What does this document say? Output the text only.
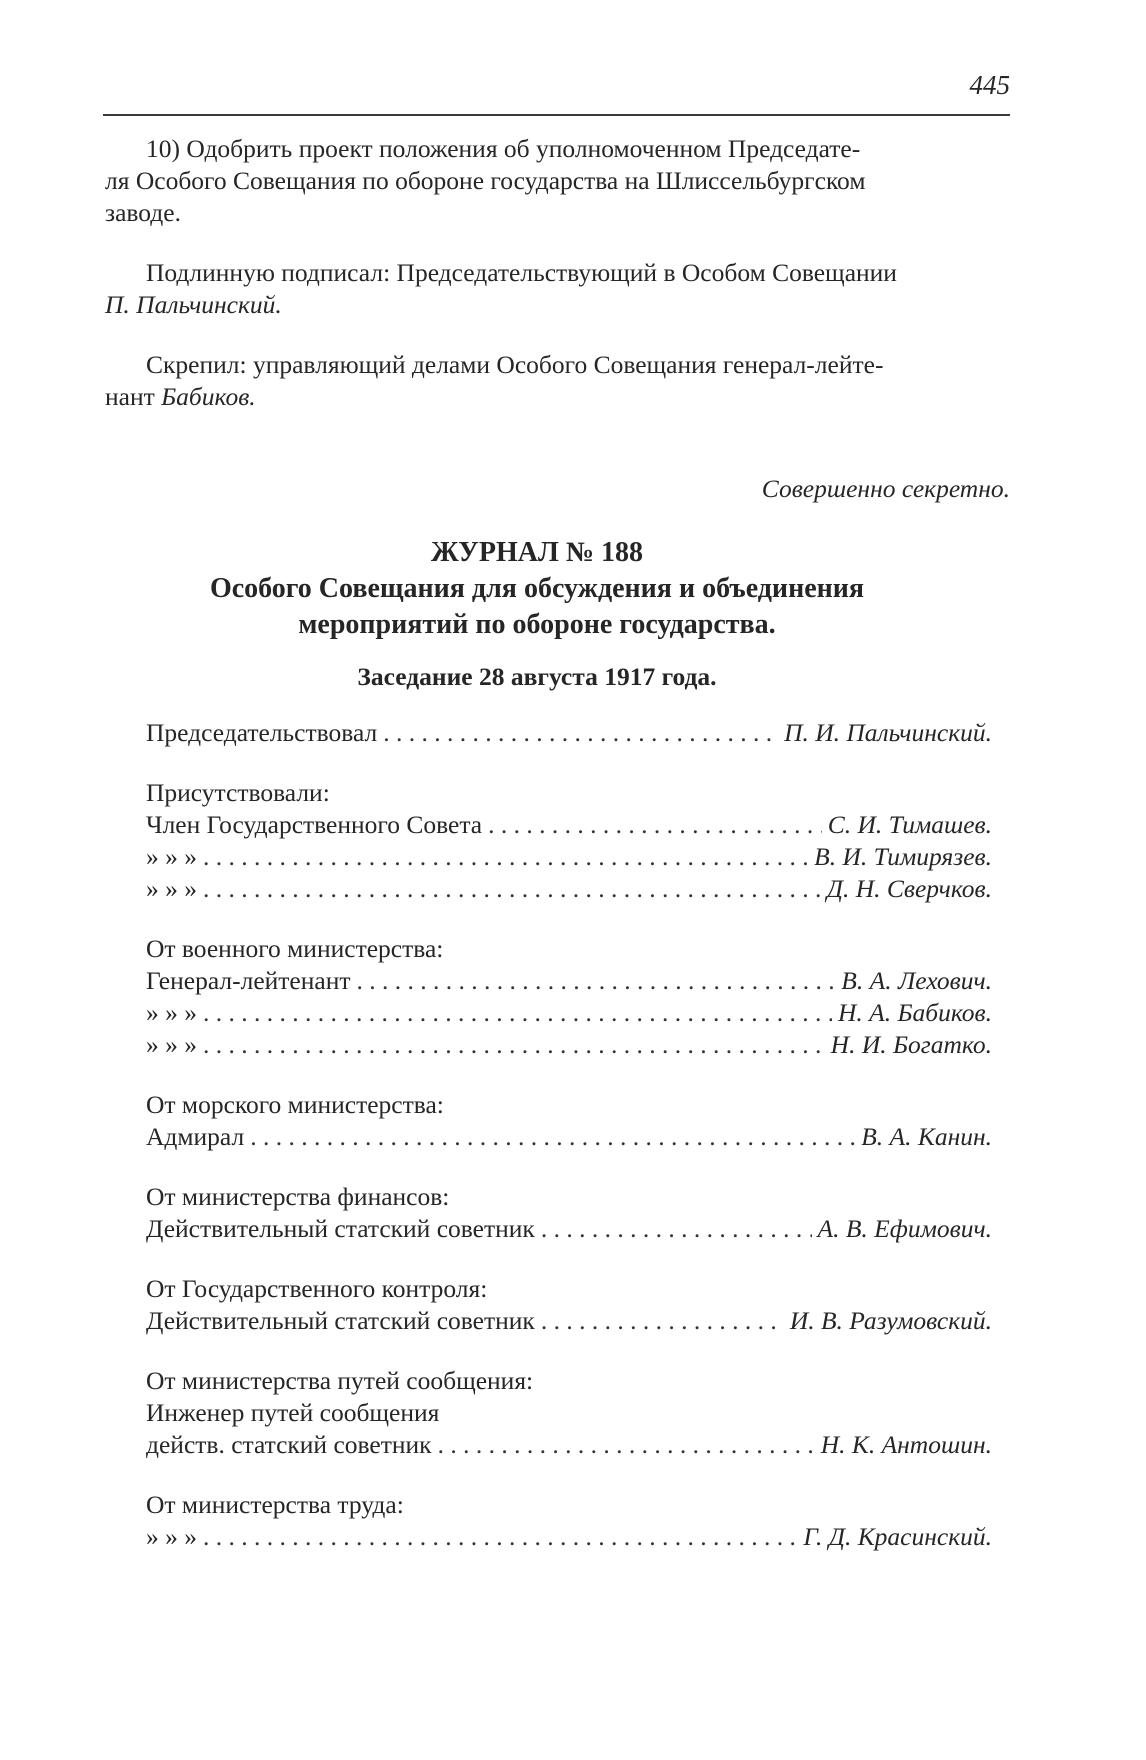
445
10) Одобрить проект положения об уполномоченном Председате-
ля Особого Совещания по обороне государства на Шлиссельбургском
заводе.
Подлинную подписал: Председательствующий в Особом Совещании
П. Пальчинский.
Скрепил: управляющий делами Особого Совещания генерал-лейте-
нант Бабиков.
Совершенно секретно.

ЖУРНАЛ № 188

Особого Совещания для обсуждения и объединения

мероприятий по обороне государства.

Заседание 28 августа 1917 года.

Председательствовал . . .	П. И. Пальчинский.
Присутствовали:
Член Государственного Совета . . .	С. И. Тимашев.
» » » . . .	В. И. Тимирязев.
» » » . . .	Д. Н. Сверчков.
От военного министерства:
Генерал-лейтенант . . .	В. А. Лехович.
» » » . . .	Н. А. Бабиков.
» » » . . .	Н. И. Богатко.
От морского министерства:
Адмирал . . .	В. А. Канин.
От министерства финансов:
Действительный статский советник . . .	А. В. Ефимович.
От Государственного контроля:
Действительный статский советник . . .	И. В. Разумовский.
От министерства путей сообщения:
Инженер путей сообщения
действ. статский советник . . .	Н. К. Антошин.
От министерства труда:
» » » . . .	Г. Д. Красинский.
